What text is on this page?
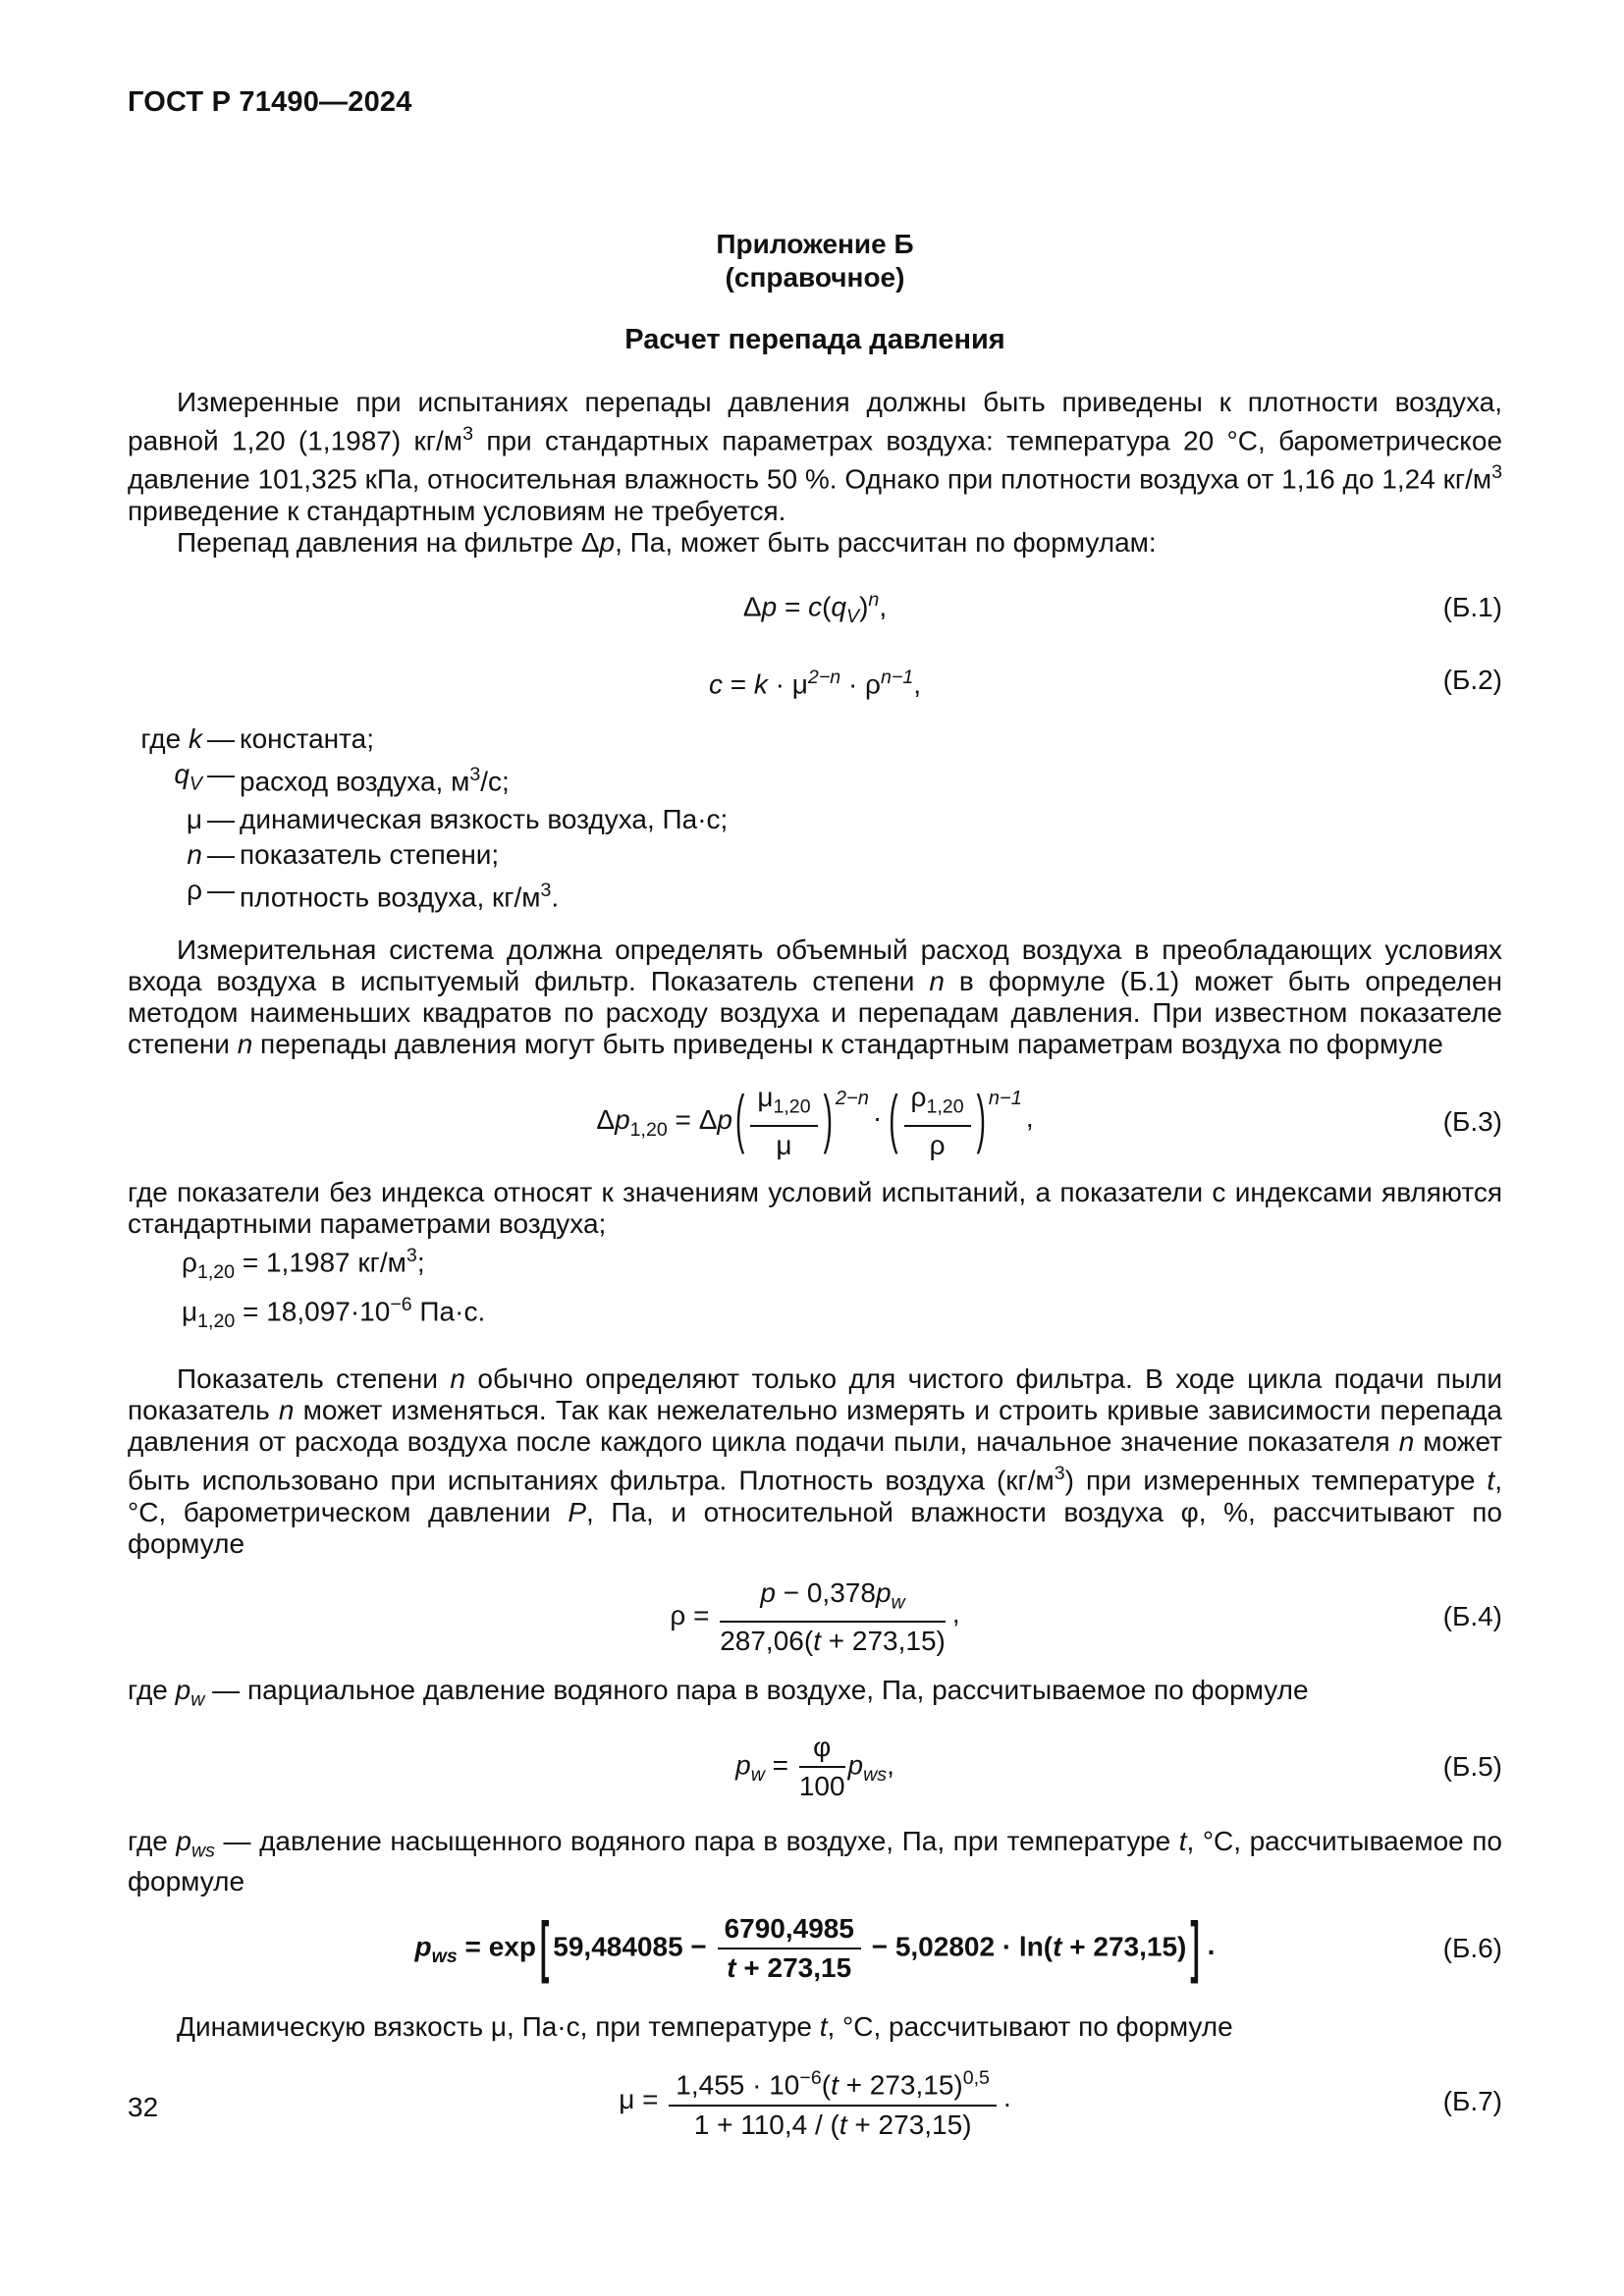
ГОСТ Р 71490—2024
Приложение Б
(справочное)
Расчет перепада давления

Измеренные при испытаниях перепады давления должны быть приведены к плотности воздуха, равной 1,20 (1,1987) $кг/м^3$ при стандартных параметрах воздуха: температура 20 °С, барометрическое давление 101,325 кПа, относительная влажность 50 %. Однако при плотности воздуха от 1,16 до 1,24 $кг/м^3$ приведение к стандартным условиям не требуется.

Перепад давления на фильтре Δp, Па, может быть рассчитан по формулам:

$\Delta p = c(q_V)^n$,	(Б.1)
$c = k \cdot \mu^{2-n} \cdot \rho^{n-1}$,	(Б.2)
где k — константа;
$q_V$ — расход воздуха, $м^3/с$;
μ — динамическая вязкость воздуха, Па·с;
n — показатель степени;
ρ — плотность воздуха, $кг/м^3$.

Измерительная система должна определять объемный расход воздуха в преобладающих условиях входа воздуха в испытуемый фильтр. Показатель степени n в формуле (Б.1) может быть определен методом наименьших квадратов по расходу воздуха и перепадам давления. При известном показателе степени n перепады давления могут быть приведены к стандартным параметрам воздуха по формуле

$\Delta p_{1,20} = \Delta p$ ( $\frac{\mu_{1,20}}{\mu}$ ) $^{2-n}$· ( $\frac{\rho_{1,20}}{\rho}$ ) $^{n-1}$,	(Б.3)

где показатели без индекса относят к значениям условий испытаний, а показатели с индексами являются стандартными параметрами воздуха;

$\rho_{1,20} = 1,1987$ $кг/м^3$;
$\mu_{1,20} = 18,097\cdot 10^{-6}$ Па·с.

Показатель степени n обычно определяют только для чистого фильтра. В ходе цикла подачи пыли показатель n может изменяться. Так как нежелательно измерять и строить кривые зависимости перепада давления от расхода воздуха после каждого цикла подачи пыли, начальное значение показателя n может быть использовано при испытаниях фильтра. Плотность воздуха $(кг/м^3)$ при измеренных температуре t, °С, барометрическом давлении P, Па, и относительной влажности воздуха φ, %, рассчитывают по формуле

$\rho = \frac{p - 0,378p_w}{287,06(t + 273,15)}$ ,	(Б.4)

где $p_w$ — парциальное давление водяного пара в воздухе, Па, рассчитываемое по формуле

$p_w = \frac{\varphi}{100} p_{ws}$,	(Б.5)

где $p_{ws}$ — давление насыщенного водяного пара в воздухе, Па, при температуре t, °С, рассчитываемое по формуле

$p_{ws} = \exp$ [ $59,484085 - \frac{6790,4985}{t + 273,15} - 5,02802 \cdot \ln(t + 273,15)$ ] .	(Б.6)

Динамическую вязкость μ, Па·с, при температуре t, °С, рассчитывают по формуле

$\mu = \frac{1,455 \cdot 10^{-6}(t + 273,15)^{0,5}}{1 + 110,4 / (t + 273,15)}$ .	(Б.7)
32
